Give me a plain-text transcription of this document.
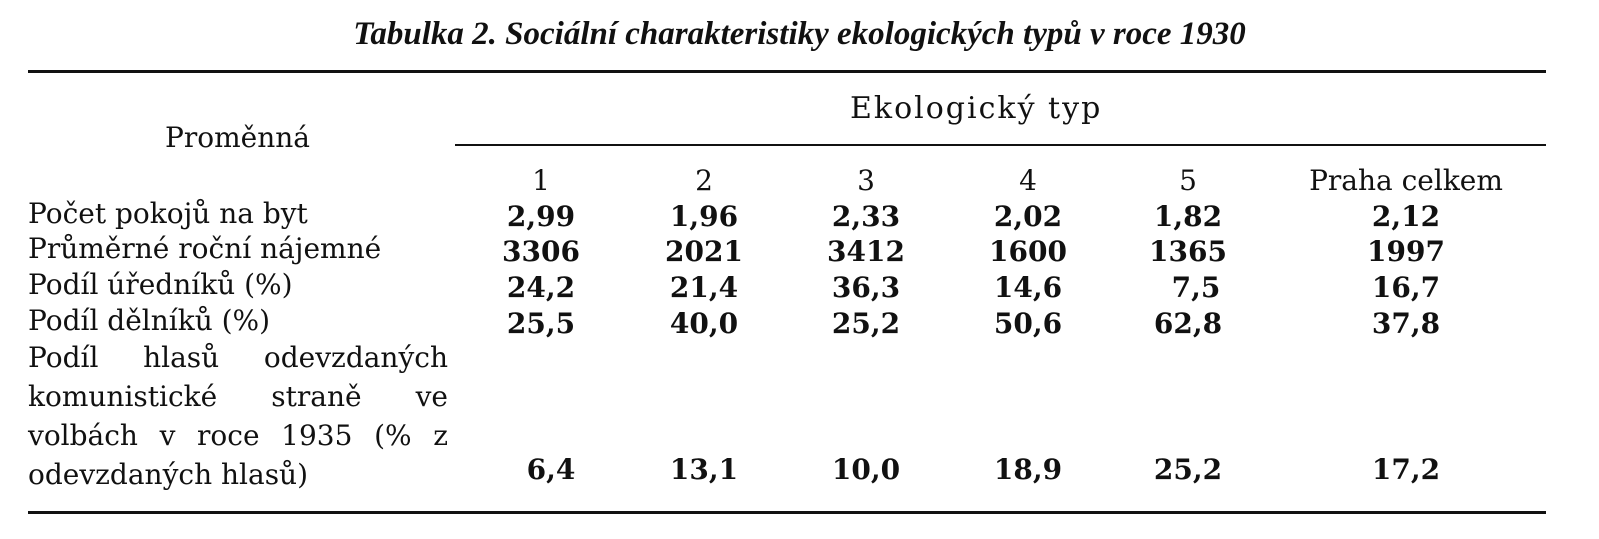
Tabulka 2. Sociální charakteristiky ekologických typů v roce 1930
Proměnná
Ekologický typ
1	2	3	4	5	Praha celkem
Počet pokojů na byt	2,99	1,96	2,33	2,02	1,82	2,12
Průměrné roční nájemné	3306	2021	3412	1600	1365	1997
Podíl úředníků (%)	24,2	21,4	36,3	14,6	7,5	16,7
Podíl dělníků (%)	25,5	40,0	25,2	50,6	62,8	37,8
Podíl hlasů odevzdaných komunistické straně ve volbách v roce 1935 (% z odevzdaných hlasů)	6,4	13,1	10,0	18,9	25,2	17,2
